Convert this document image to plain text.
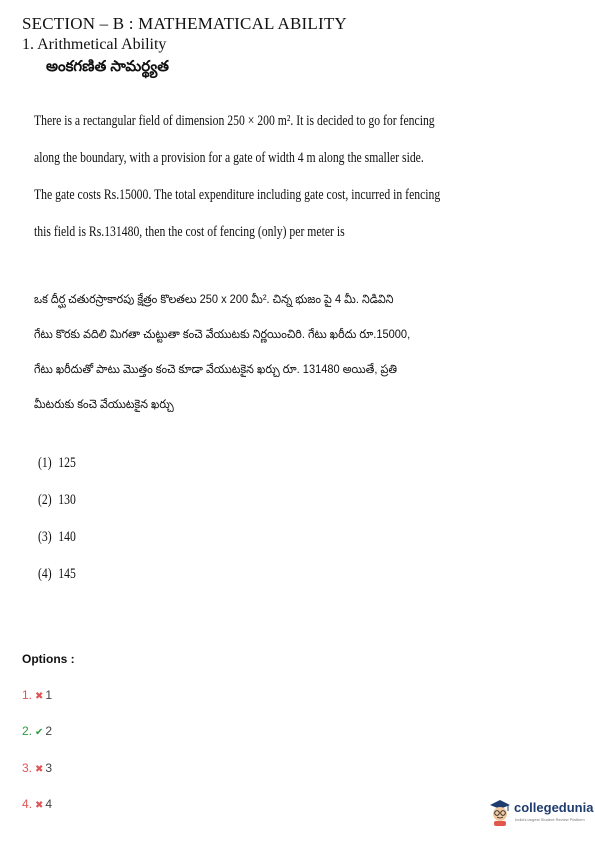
SECTION – B : MATHEMATICAL ABILITY
1. Arithmetical Ability
అంకగణిత సామర్థ్యత
There is a rectangular field of dimension 250 × 200 m². It is decided to go for fencing
along the boundary, with a provision for a gate of width 4 m along the smaller side.
The gate costs Rs.15000. The total expenditure including gate cost, incurred in fencing
this field is Rs.131480, then the cost of fencing (only) per meter is
ఒక దీర్ఘ చతురస్రాకారపు క్షేత్రం కొలతలు 250 x 200 మీ². చిన్న భుజం పై 4 మీ. నిడివిని
గేటు కొరకు వదిలి మిగతా చుట్టుతా కంచె వేయుటకు నిర్ణయించిరి. గేటు ఖరీదు రూ.15000,
గేటు ఖరీదుతో పాటు మొత్తం కంచె కూడా వేయుటకైన ఖర్చు రూ. 131480 అయితే, ప్రతి
మీటరుకు కంచె వేయుటకైన ఖర్చు
(1) 125
(2) 130
(3) 140
(4) 145
Options :
1. ✖ 1
2. ✔ 2
3. ✖ 3
4. ✖ 4	collegedunia
India's largest Student Review Platform
